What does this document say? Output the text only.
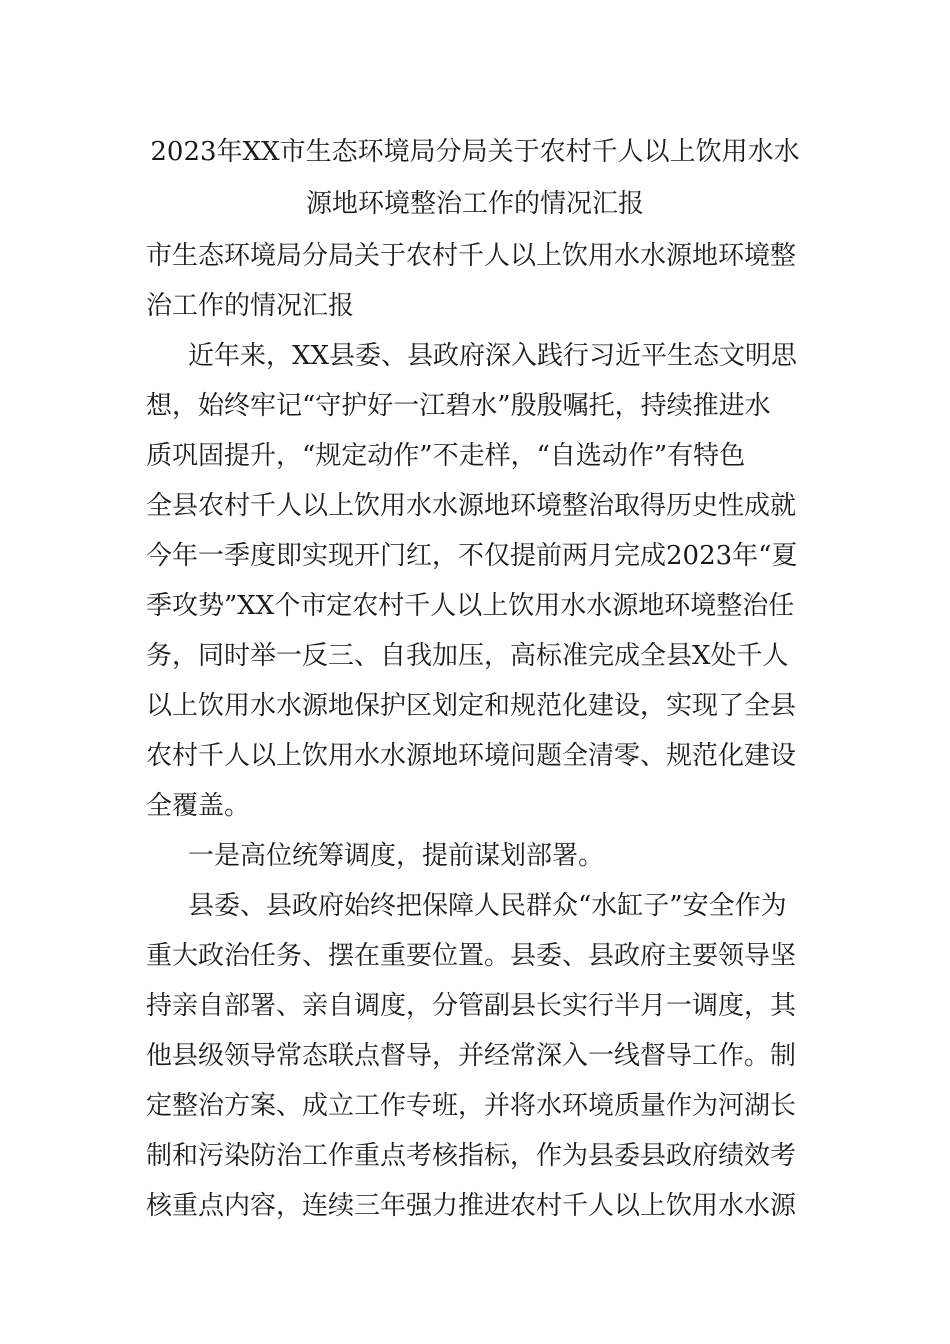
2023年XX市生态环境局分局关于农村千人以上饮用水水
源地环境整治工作的情况汇报

市生态环境局分局关于农村千人以上饮用水水源地环境整

治工作的情况汇报

近年来，XX县委、县政府深入践行习近平生态文明思

想，始终牢记“守护好一江碧水”殷殷嘱托，持续推进水

质巩固提升，“规定动作”不走样，“自选动作”有特色

全县农村千人以上饮用水水源地环境整治取得历史性成就

今年一季度即实现开门红，不仅提前两月完成2023年“夏

季攻势”XX个市定农村千人以上饮用水水源地环境整治任

务，同时举一反三、自我加压，高标准完成全县X处千人

以上饮用水水源地保护区划定和规范化建设，实现了全县

农村千人以上饮用水水源地环境问题全清零、规范化建设

全覆盖。

一是高位统筹调度，提前谋划部署。

县委、县政府始终把保障人民群众“水缸子”安全作为

重大政治任务、摆在重要位置。县委、县政府主要领导坚

持亲自部署、亲自调度，分管副县长实行半月一调度，其

他县级领导常态联点督导，并经常深入一线督导工作。制

定整治方案、成立工作专班，并将水环境质量作为河湖长

制和污染防治工作重点考核指标，作为县委县政府绩效考

核重点内容，连续三年强力推进农村千人以上饮用水水源
